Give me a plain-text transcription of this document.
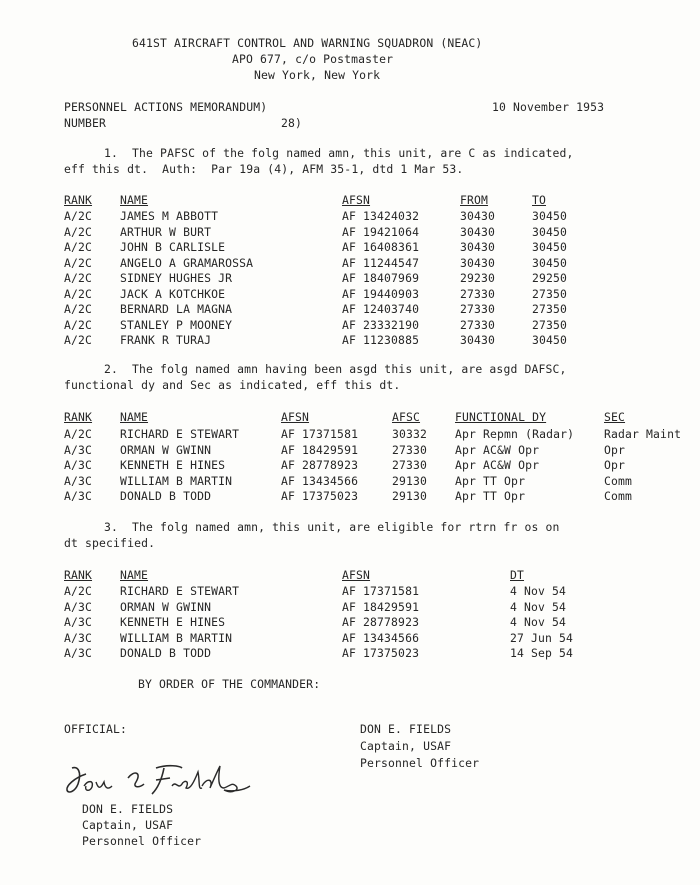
641ST AIRCRAFT CONTROL AND WARNING SQUADRON (NEAC)
APO 677, c/o Postmaster
New York, New York
PERSONNEL ACTIONS MEMORANDUM)
NUMBER	28)
10 November 1953
1.  The PAFSC of the folg named amn, this unit, are C as indicated,
eff this dt.  Auth:  Par 19a (4), AFM 35-1, dtd 1 Mar 53.
RANK NAME	AFSN	FROM	TO
A/2C JAMES M ABBOTT	AF 13424032	30430	30450
A/2C ARTHUR W BURT	AF 19421064	30430	30450
A/2C JOHN B CARLISLE	AF 16408361	30430	30450
A/2C ANGELO A GRAMAROSSA	AF 11244547	30430	30450
A/2C SIDNEY HUGHES JR	AF 18407969	29230	29250
A/2C JACK A KOTCHKOE	AF 19440903	27330	27350
A/2C BERNARD LA MAGNA	AF 12403740	27330	27350
A/2C STANLEY P MOONEY	AF 23332190	27330	27350
A/2C FRANK R TURAJ	AF 11230885	30430	30450
2.  The folg named amn having been asgd this unit, are asgd DAFSC,
functional dy and Sec as indicated, eff this dt.
RANK NAME	AFSN	AFSC	FUNCTIONAL DY	SEC
A/2C RICHARD E STEWART	AF 17371581	30332 Apr Repmn (Radar)	Radar Maint
A/3C ORMAN W GWINN	AF 18429591	27330 Apr AC&W Opr	Opr
A/3C KENNETH E HINES	AF 28778923	27330 Apr AC&W Opr	Opr
A/3C WILLIAM B MARTIN	AF 13434566	29130 Apr TT Opr	Comm
A/3C DONALD B TODD	AF 17375023	29130 Apr TT Opr	Comm
3.  The folg named amn, this unit, are eligible for rtrn fr os on
dt specified.
RANK NAME	AFSN	DT
A/2C RICHARD E STEWART	AF 17371581	4 Nov 54
A/3C ORMAN W GWINN	AF 18429591	4 Nov 54
A/3C KENNETH E HINES	AF 28778923	4 Nov 54
A/3C WILLIAM B MARTIN	AF 13434566	27 Jun 54
A/3C DONALD B TODD	AF 17375023	14 Sep 54
BY ORDER OF THE COMMANDER:
OFFICIAL:	DON E. FIELDS
Captain, USAF
Personnel Officer
DON E. FIELDS
Captain, USAF
Personnel Officer
